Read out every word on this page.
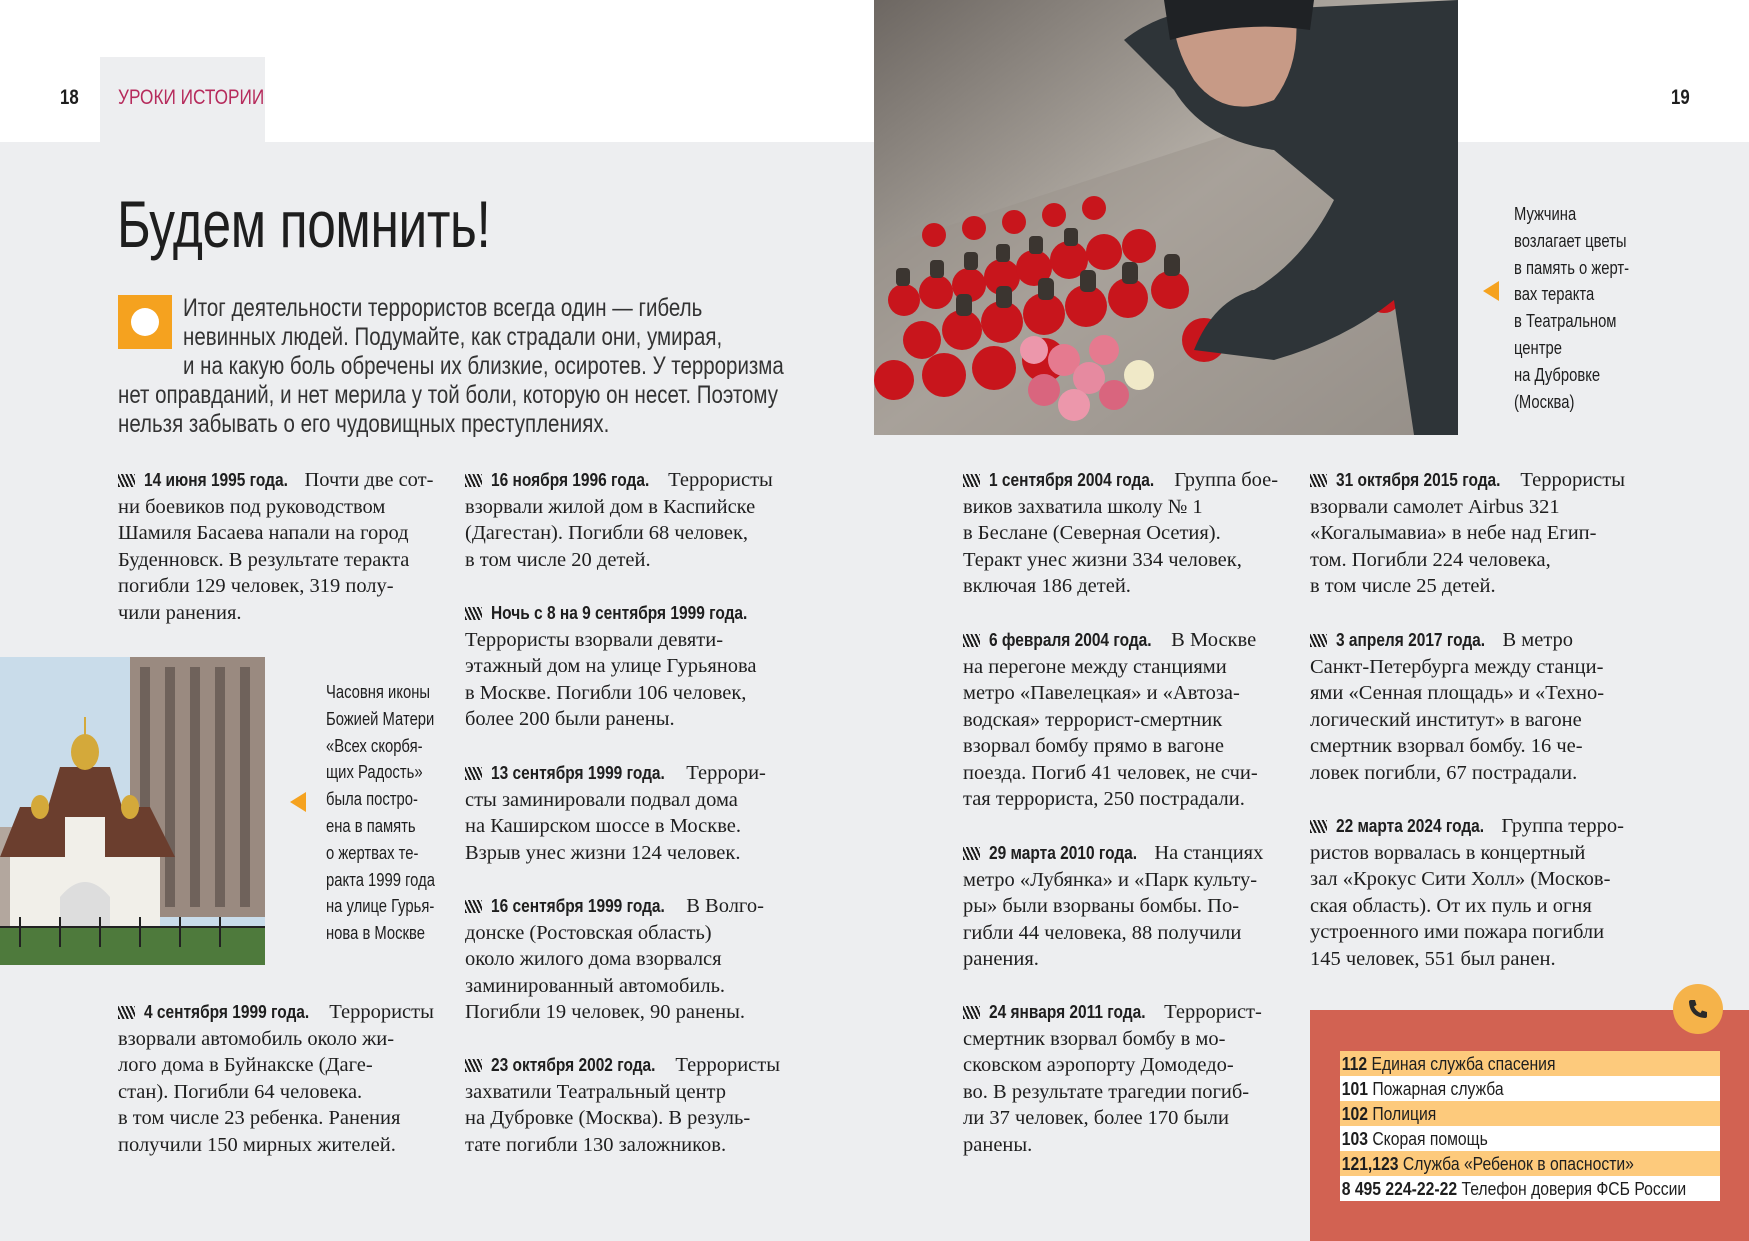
18 УРОКИ ИСТОРИИ	19
Будем помнить!
Итог деятельности террористов всегда один — гибель
невинных людей. Подумайте, как страдали они, умирая,
и на какую боль обречены их близкие, осиротев. У терроризма
нет оправданий, и нет мерила у той боли, которую он несет. Поэтому
нельзя забывать о его чудовищных преступлениях.
14 июня 1995 года. Почти две сот-
ни боевиков под руководством
Шамиля Басаева напали на город
Буденновск. В результате теракта
погибли 129 человек, 319 полу-
чили ранения.
4 сентября 1999 года. Террористы
взорвали автомобиль около жи-
лого дома в Буйнакске (Даге-
стан). Погибли 64 человека.
в том числе 23 ребенка. Ранения
получили 150 мирных жителей.
16 ноября 1996 года. Террористы
взорвали жилой дом в Каспийске
(Дагестан). Погибли 68 человек,
в том числе 20 детей.
Ночь с 8 на 9 сентября 1999 года.
Террористы взорвали девяти-
этажный дом на улице Гурьянова
в Москве. Погибли 106 человек,
более 200 были ранены.
13 сентября 1999 года. Террори-
сты заминировали подвал дома
на Каширском шоссе в Москве.
Взрыв унес жизни 124 человек.
16 сентября 1999 года. В Волго-
донске (Ростовская область)
около жилого дома взорвался
заминированный автомобиль.
Погибли 19 человек, 90 ранены.
23 октября 2002 года. Террористы
захватили Театральный центр
на Дубровке (Москва). В резуль-
тате погибли 130 заложников.
1 сентября 2004 года. Группа бое-
виков захватила школу № 1
в Беслане (Северная Осетия).
Теракт унес жизни 334 человек,
включая 186 детей.
6 февраля 2004 года. В Москве
на перегоне между станциями
метро «Павелецкая» и «Автоза-
водская» террорист-смертник
взорвал бомбу прямо в вагоне
поезда. Погиб 41 человек, не счи-
тая террориста, 250 пострадали.
29 марта 2010 года. На станциях
метро «Лубянка» и «Парк культу-
ры» были взорваны бомбы. По-
гибли 44 человека, 88 получили
ранения.
24 января 2011 года. Террорист-
смертник взорвал бомбу в мо-
сковском аэропорту Домодедо-
во. В результате трагедии погиб-
ли 37 человек, более 170 были
ранены.
31 октября 2015 года. Террористы
взорвали самолет Airbus 321
«Когалымавиа» в небе над Егип-
том. Погибли 224 человека,
в том числе 25 детей.
3 апреля 2017 года. В метро
Санкт-Петербурга между станци-
ями «Сенная площадь» и «Техно-
логический институт» в вагоне
смертник взорвал бомбу. 16 че-
ловек погибли, 67 пострадали.
22 марта 2024 года. Группа терро-
ристов ворвалась в концертный
зал «Крокус Сити Холл» (Москов-
ская область). От их пуль и огня
устроенного ими пожара погибли
145 человек, 551 был ранен.
Часовня иконы
Божией Матери
«Всех скорбя-
щих Радость»
была постро-
ена в память
о жертвах те-
ракта 1999 года
на улице Гурья-
нова в Москве
Мужчина
возлагает цветы
в память о жерт-
вах теракта
в Театральном
центре
на Дубровке
(Москва)
112 Единая служба спасения
101 Пожарная служба
102 Полиция
103 Скорая помощь
121,123 Служба «Ребенок в опасности»
8 495 224-22-22 Телефон доверия ФСБ России
